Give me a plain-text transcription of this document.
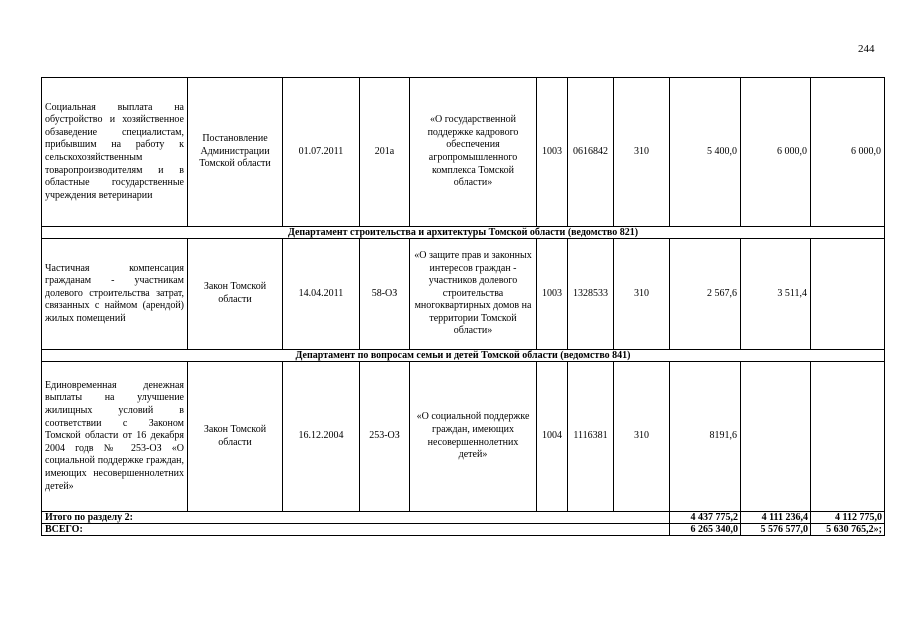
244
Социальная выплата на обустройство и хозяйственное обзаведение специалистам, прибывшим на работу к сельскохозяйственным товаропроизводителям и в областные государственные учреждения ветеринарии	Постановление Администрации Томской области	01.07.2011	201а	«О государственной поддержке кадрового обеспечения агропромышленного комплекса Томской области»	1003	0616842	310	5 400,0	6 000,0	6 000,0
Департамент строительства и архитектуры Томской области (ведомство 821)										
Частичная компенсация гражданам - участникам долевого строительства затрат, связанных с наймом (арендой) жилых помещений	Закон Томской области	14.04.2011	58-ОЗ	«О защите прав и законных интересов граждан - участников долевого строительства многоквартирных домов на территории Томской области»	1003	1328533	310	2 567,6	3 511,4	
Департамент по вопросам семьи и детей Томской области (ведомство 841)										
Единовременная денежная выплаты на улучшение жилищных условий в соответствии с Законом Томской области от 16 декабря 2004 годв № 253-ОЗ «О социальной поддержке граждан, имеющих несовершеннолетних детей»	Закон Томской области	16.12.2004	253-ОЗ	«О социальной поддержке граждан, имеющих несовершеннолетних детей»	1004	1116381	310	8191,6		
Итого по разделу 2:								4 437 775,2	4 111 236,4	4 112 775,0
ВСЕГО:								6 265 340,0	5 576 577,0	5 630 765,2»;
